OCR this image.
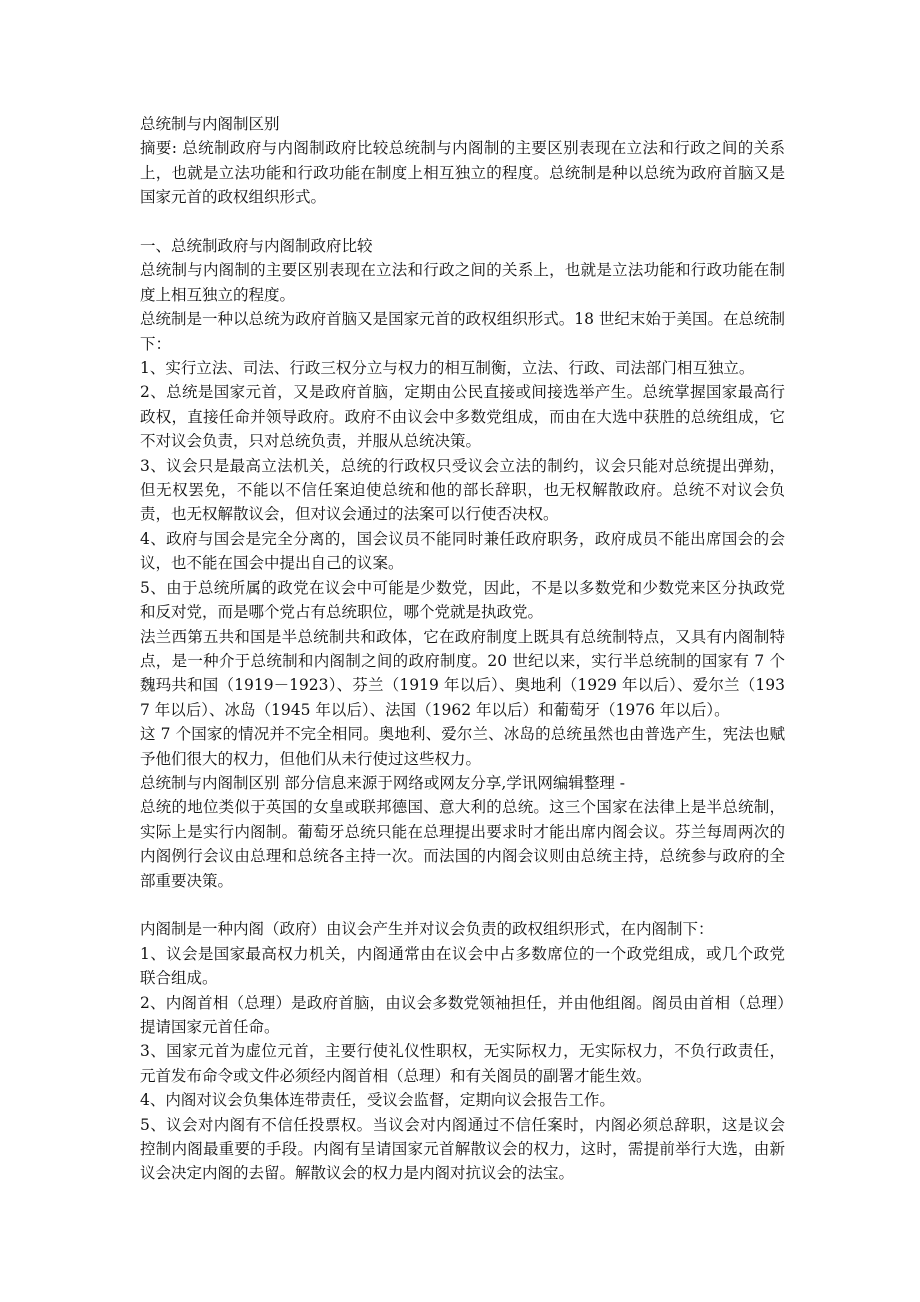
总统制与内阁制区别
摘要: 总统制政府与内阁制政府比较总统制与内阁制的主要区别表现在立法和行政之间的关系上，也就是立法功能和行政功能在制度上相互独立的程度。总统制是种以总统为政府首脑又是国家元首的政权组织形式。
一、总统制政府与内阁制政府比较
总统制与内阁制的主要区别表现在立法和行政之间的关系上，也就是立法功能和行政功能在制度上相互独立的程度。
总统制是一种以总统为政府首脑又是国家元首的政权组织形式。18 世纪末始于美国。在总统制下：
1、实行立法、司法、行政三权分立与权力的相互制衡，立法、行政、司法部门相互独立。
2、总统是国家元首，又是政府首脑，定期由公民直接或间接选举产生。总统掌握国家最高行政权，直接任命并领导政府。政府不由议会中多数党组成，而由在大选中获胜的总统组成，它不对议会负责，只对总统负责，并服从总统决策。
3、议会只是最高立法机关，总统的行政权只受议会立法的制约，议会只能对总统提出弹劾，但无权罢免，不能以不信任案迫使总统和他的部长辞职，也无权解散政府。总统不对议会负责，也无权解散议会，但对议会通过的法案可以行使否决权。
4、政府与国会是完全分离的，国会议员不能同时兼任政府职务，政府成员不能出席国会的会议，也不能在国会中提出自己的议案。
5、由于总统所属的政党在议会中可能是少数党，因此，不是以多数党和少数党来区分执政党和反对党，而是哪个党占有总统职位，哪个党就是执政党。
法兰西第五共和国是半总统制共和政体，它在政府制度上既具有总统制特点，又具有内阁制特点，是一种介于总统制和内阁制之间的政府制度。20 世纪以来，实行半总统制的国家有 7 个 魏玛共和国（1919－1923）、芬兰（1919 年以后）、奥地利（1929 年以后）、爱尔兰（1937 年以后）、冰岛（1945 年以后）、法国（1962 年以后）和葡萄牙（1976 年以后）。
这 7 个国家的情况并不完全相同。奥地利、爱尔兰、冰岛的总统虽然也由普选产生，宪法也赋予他们很大的权力，但他们从未行使过这些权力。
总统制与内阁制区别 部分信息来源于网络或网友分享,学讯网编辑整理 -
总统的地位类似于英国的女皇或联邦德国、意大利的总统。这三个国家在法律上是半总统制，实际上是实行内阁制。葡萄牙总统只能在总理提出要求时才能出席内阁会议。芬兰每周两次的内阁例行会议由总理和总统各主持一次。而法国的内阁会议则由总统主持，总统参与政府的全部重要决策。
内阁制是一种内阁（政府）由议会产生并对议会负责的政权组织形式，在内阁制下：
1、议会是国家最高权力机关，内阁通常由在议会中占多数席位的一个政党组成，或几个政党联合组成。
2、内阁首相（总理）是政府首脑，由议会多数党领袖担任，并由他组阁。阁员由首相（总理）提请国家元首任命。
3、国家元首为虚位元首，主要行使礼仪性职权，无实际权力，无实际权力，不负行政责任，元首发布命令或文件必须经内阁首相（总理）和有关阁员的副署才能生效。
4、内阁对议会负集体连带责任，受议会监督，定期向议会报告工作。
5、议会对内阁有不信任投票权。当议会对内阁通过不信任案时，内阁必须总辞职，这是议会控制内阁最重要的手段。内阁有呈请国家元首解散议会的权力，这时，需提前举行大选，由新议会决定内阁的去留。解散议会的权力是内阁对抗议会的法宝。
